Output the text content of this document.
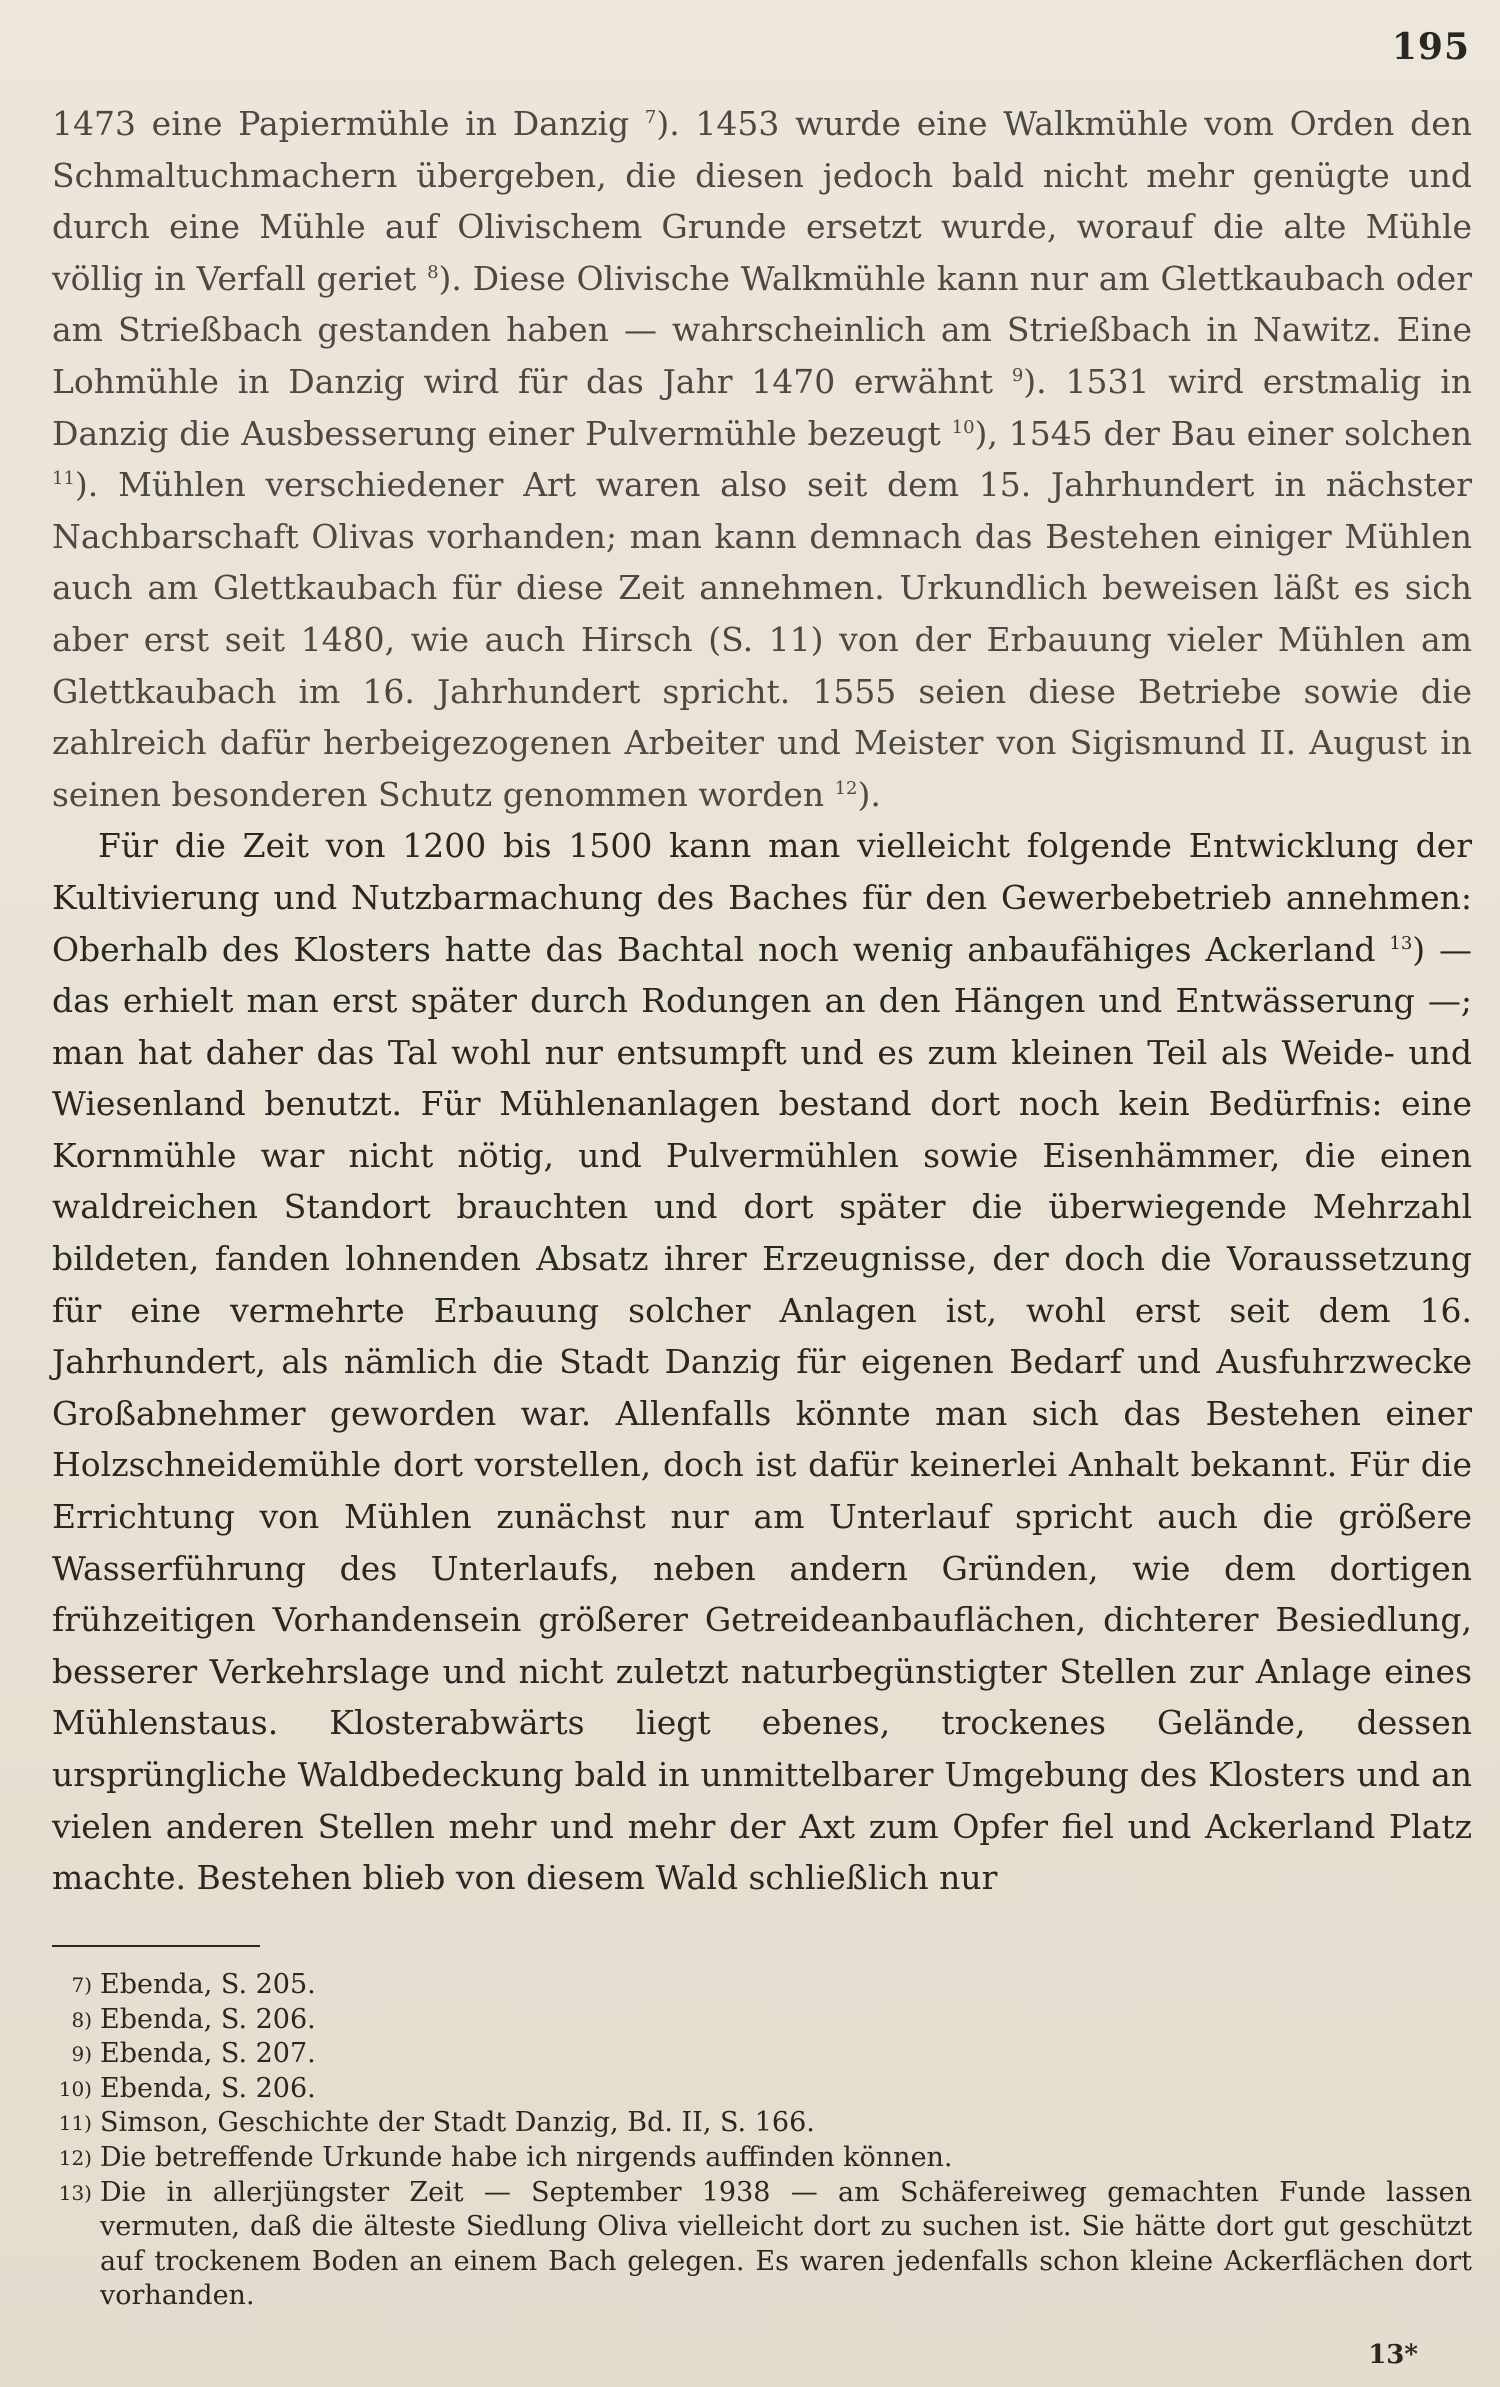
195

1473 eine Papiermühle in Danzig $^7$). 1453 wurde eine Walkmühle vom Orden den Schmaltuchmachern übergeben, die diesen jedoch bald nicht mehr genügte und durch eine Mühle auf Olivischem Grunde ersetzt wurde, worauf die alte Mühle völlig in Verfall geriet $^8$). Diese Olivische Walkmühle kann nur am Glettkaubach oder am Strießbach gestanden haben — wahrscheinlich am Strießbach in Nawitz. Eine Lohmühle in Danzig wird für das Jahr 1470 erwähnt $^9$). 1531 wird erstmalig in Danzig die Ausbesserung einer Pulvermühle bezeugt $^{10}$), 1545 der Bau einer solchen $^{11}$). Mühlen verschiedener Art waren also seit dem 15. Jahrhundert in nächster Nachbarschaft Olivas vorhanden; man kann demnach das Bestehen einiger Mühlen auch am Glettkaubach für diese Zeit annehmen. Urkundlich beweisen läßt es sich aber erst seit 1480, wie auch Hirsch (S. 11) von der Erbauung vieler Mühlen am Glettkaubach im 16. Jahrhundert spricht. 1555 seien diese Betriebe sowie die zahlreich dafür herbeigezogenen Arbeiter und Meister von Sigismund II. August in seinen besonderen Schutz genommen worden $^{12}$).

Für die Zeit von 1200 bis 1500 kann man vielleicht folgende Entwicklung der Kultivierung und Nutzbarmachung des Baches für den Gewerbebetrieb annehmen: Oberhalb des Klosters hatte das Bachtal noch wenig anbaufähiges Ackerland $^{13}$) — das erhielt man erst später durch Rodungen an den Hängen und Entwässerung —; man hat daher das Tal wohl nur entsumpft und es zum kleinen Teil als Weide- und Wiesenland benutzt. Für Mühlenanlagen bestand dort noch kein Bedürfnis: eine Kornmühle war nicht nötig, und Pulvermühlen sowie Eisenhämmer, die einen waldreichen Standort brauchten und dort später die überwiegende Mehrzahl bildeten, fanden lohnenden Absatz ihrer Erzeugnisse, der doch die Voraussetzung für eine vermehrte Erbauung solcher Anlagen ist, wohl erst seit dem 16. Jahrhundert, als nämlich die Stadt Danzig für eigenen Bedarf und Ausfuhrzwecke Großabnehmer geworden war. Allenfalls könnte man sich das Bestehen einer Holzschneidemühle dort vorstellen, doch ist dafür keinerlei Anhalt bekannt. Für die Errichtung von Mühlen zunächst nur am Unterlauf spricht auch die größere Wasserführung des Unterlaufs, neben andern Gründen, wie dem dortigen frühzeitigen Vorhandensein größerer Getreideanbauflächen, dichterer Besiedlung, besserer Verkehrslage und nicht zuletzt naturbegünstigter Stellen zur Anlage eines Mühlenstaus. Klosterabwärts liegt ebenes, trockenes Gelände, dessen ursprüngliche Waldbedeckung bald in unmittelbarer Umgebung des Klosters und an vielen anderen Stellen mehr und mehr der Axt zum Opfer fiel und Ackerland Platz machte. Bestehen blieb von diesem Wald schließlich nur

7) Ebenda, S. 205.
8) Ebenda, S. 206.
9) Ebenda, S. 207.
10) Ebenda, S. 206.
11) Simson, Geschichte der Stadt Danzig, Bd. II, S. 166.
12) Die betreffende Urkunde habe ich nirgends auffinden können.
13) Die in allerjüngster Zeit — September 1938 — am Schäfereiweg gemachten Funde lassen vermuten, daß die älteste Siedlung Oliva vielleicht dort zu suchen ist. Sie hätte dort gut geschützt auf trockenem Boden an einem Bach gelegen. Es waren jedenfalls schon kleine Ackerflächen dort vorhanden.
13*
